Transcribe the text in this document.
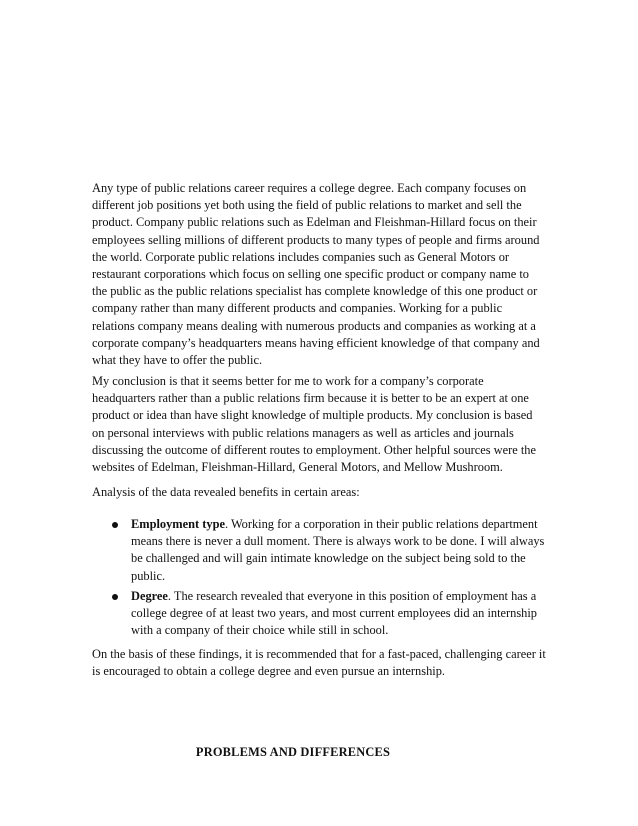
Any type of public relations career requires a college degree. Each company focuses on different job positions yet both using the field of public relations to market and sell the product. Company public relations such as Edelman and Fleishman-Hillard focus on their employees selling millions of different products to many types of people and firms around the world. Corporate public relations includes companies such as General Motors or restaurant corporations which focus on selling one specific product or company name to the public as the public relations specialist has complete knowledge of this one product or company rather than many different products and companies. Working for a public relations company means dealing with numerous products and companies as working at a corporate company’s headquarters means having efficient knowledge of that company and what they have to offer the public.

My conclusion is that it seems better for me to work for a company’s corporate headquarters rather than a public relations firm because it is better to be an expert at one product or idea than have slight knowledge of multiple products. My conclusion is based on personal interviews with public relations managers as well as articles and journals discussing the outcome of different routes to employment. Other helpful sources were the websites of Edelman, Fleishman-Hillard, General Motors, and Mellow Mushroom.

Analysis of the data revealed benefits in certain areas:

Employment type. Working for a corporation in their public relations department means there is never a dull moment. There is always work to be done. I will always be challenged and will gain intimate knowledge on the subject being sold to the public.
Degree. The research revealed that everyone in this position of employment has a college degree of at least two years, and most current employees did an internship with a company of their choice while still in school.

On the basis of these findings, it is recommended that for a fast-paced, challenging career it is encouraged to obtain a college degree and even pursue an internship.

PROBLEMS AND DIFFERENCES
